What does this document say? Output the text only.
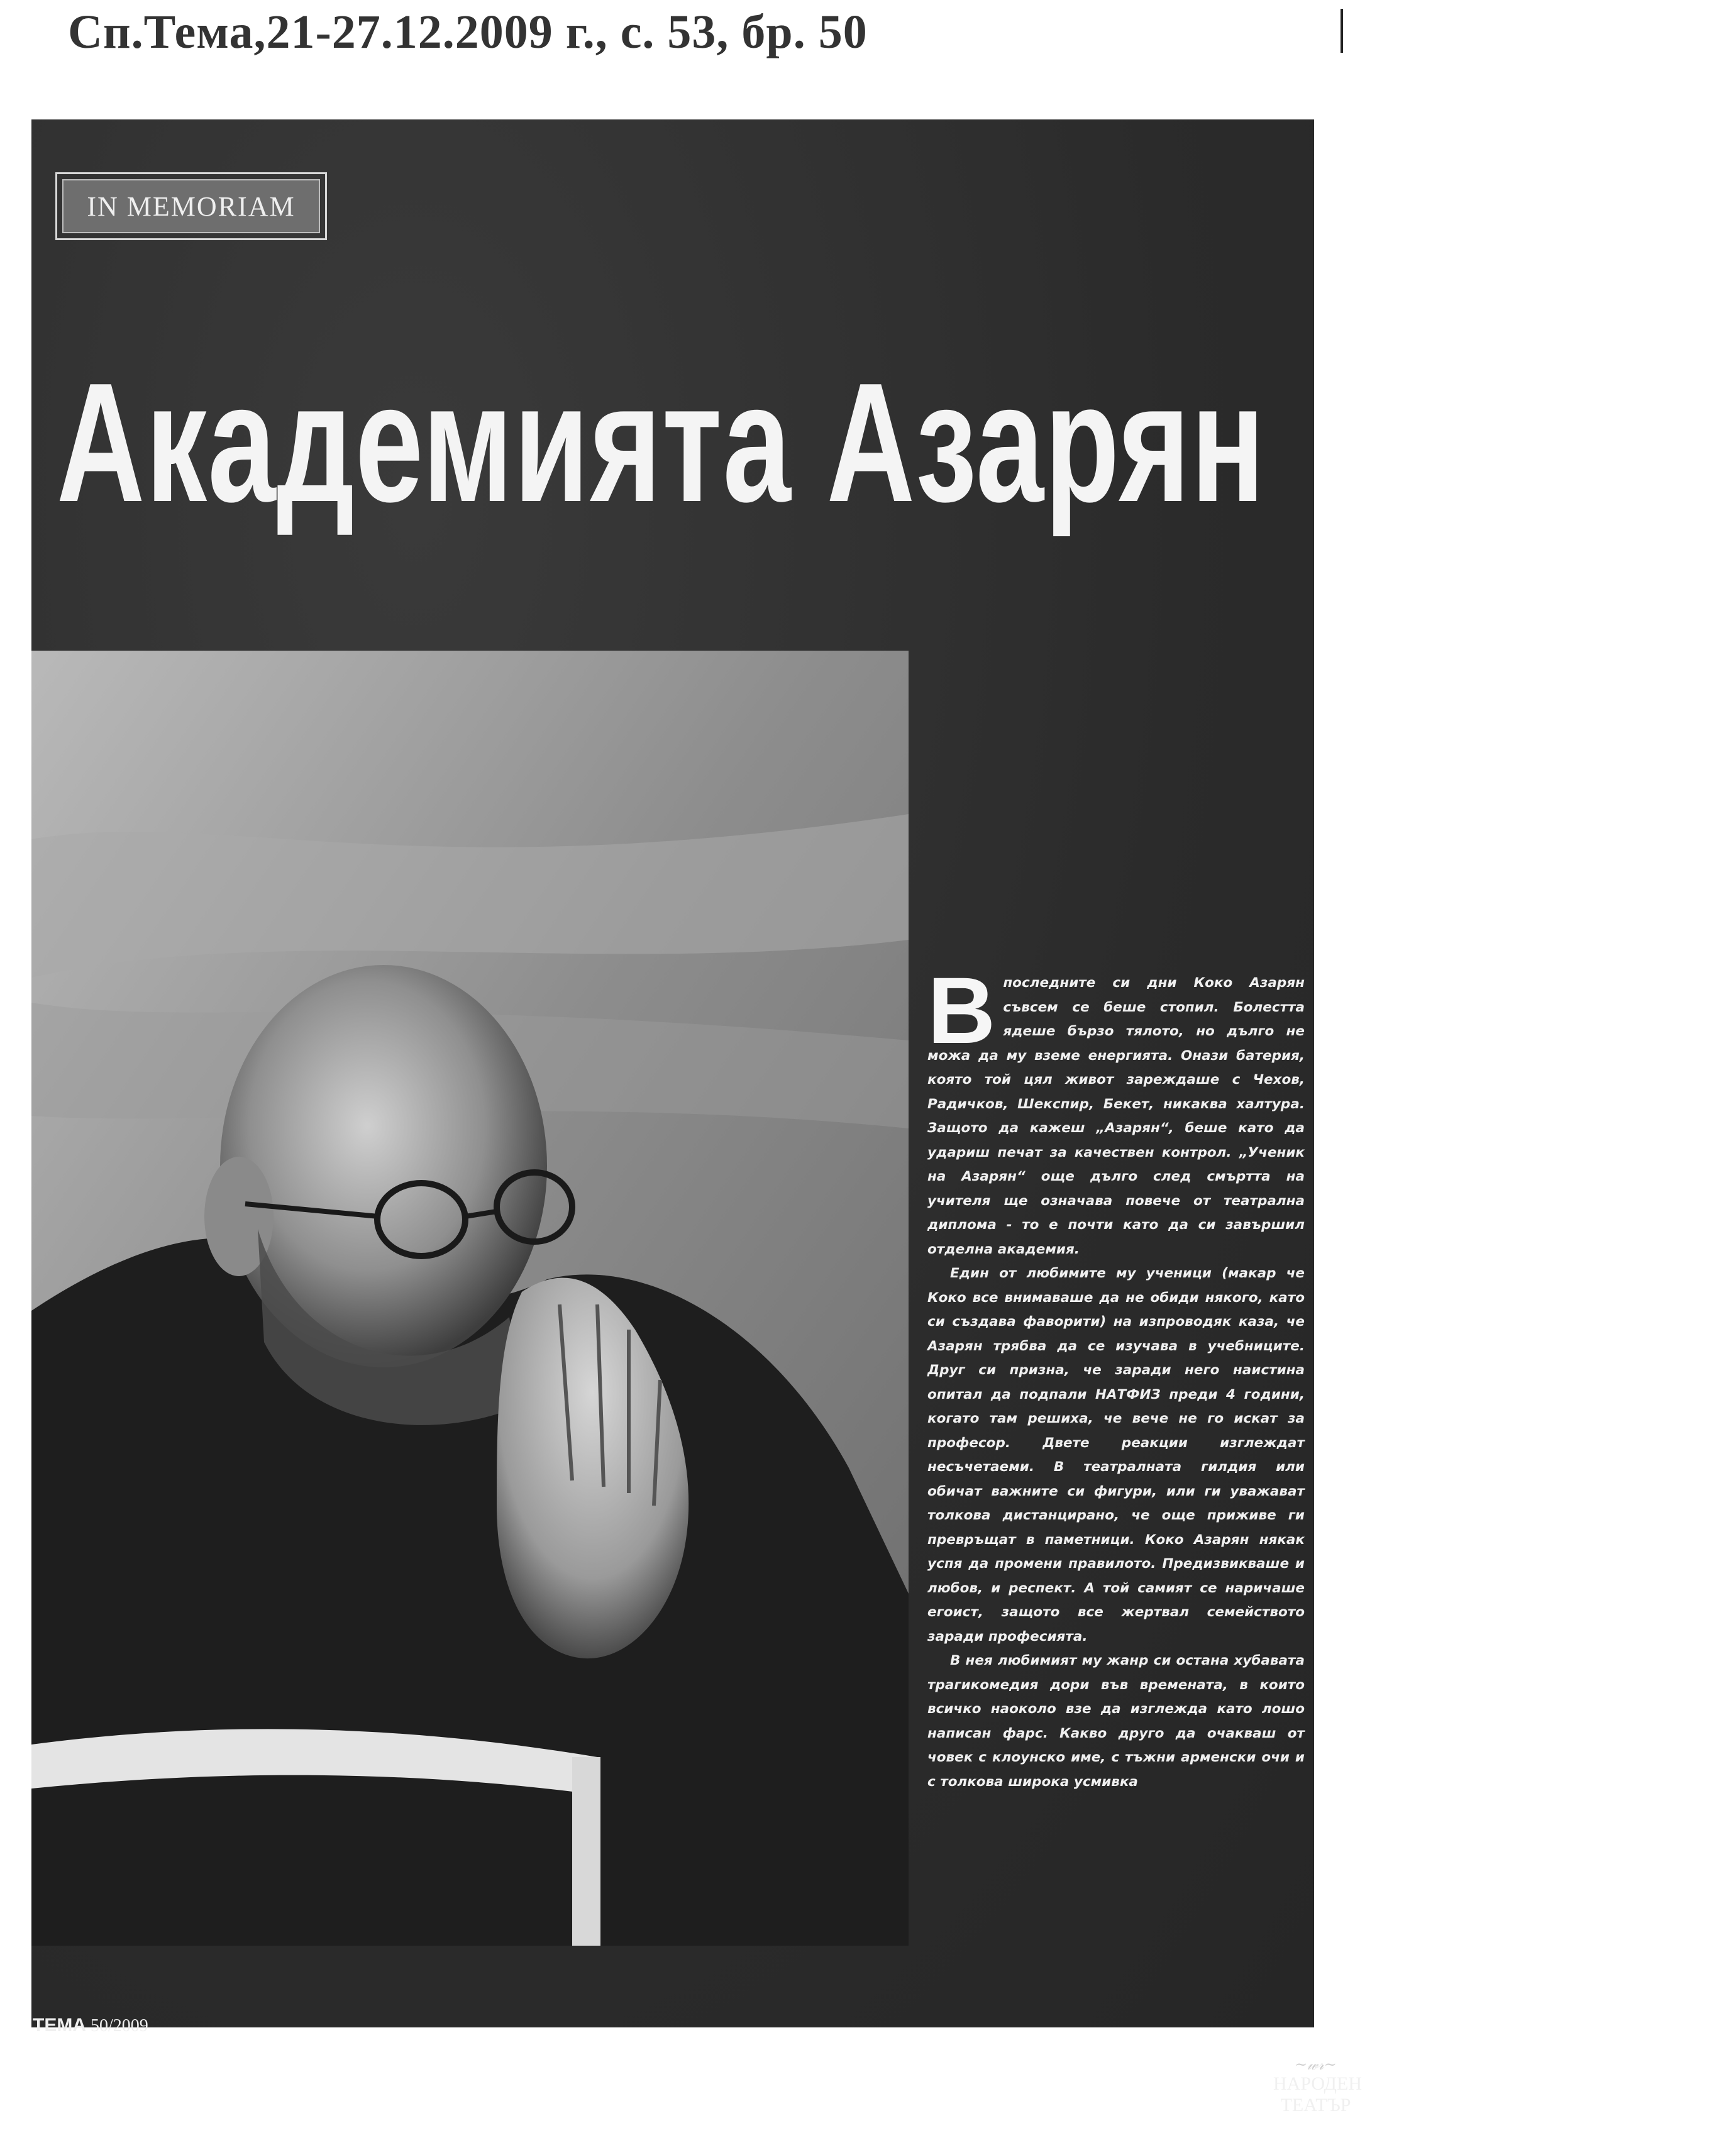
Сп.Тема,21-27.12.2009 г., с. 53, бр. 50
IN MEMORIAM
Академията Азарян
В последните си дни Коко Азарян съвсем се беше стопил. Болестта ядеше бързо тялото, но дълго не можа да му вземе енергията. Онази батерия, която той цял живот зареждаше с Чехов, Радичков, Шекспир, Бекет, никаква халтура. Защото да кажеш „Азарян“, беше като да удариш печат за качествен контрол. „Ученик на Азарян“ още дълго след смъртта на учителя ще означава повече от театрална диплома - то е почти като да си завършил отделна академия.

Един от любимите му ученици (макар че Коко все внимаваше да не обиди някого, като си създава фаворити) на изпроводяк каза, че Азарян трябва да се изучава в учебниците. Друг си призна, че заради него наистина опитал да подпали НАТФИЗ преди 4 години, когато там решиха, че вече не го искат за професор. Двете реакции изглеждат несъчетаеми. В театралната гилдия или обичат важните си фигури, или ги уважават толкова дистанцирано, че още приживе ги превръщат в паметници. Коко Азарян някак успя да промени правилото. Предизвикваше и любов, и респект. А той самият се наричаше егоист, защото все жертвал семейството заради професията.

В нея любимият му жанр си остана хубавата трагикомедия дори във времената, в които всичко наоколо взе да изглежда като лошо написан фарс. Какво друго да очакваш от човек с клоунско име, с тъжни арменски очи и с толкова широка усмивка

~𝓌𝓇~
НАРОДЕН
ТЕАТЪР
ТЕМА 50/2009
